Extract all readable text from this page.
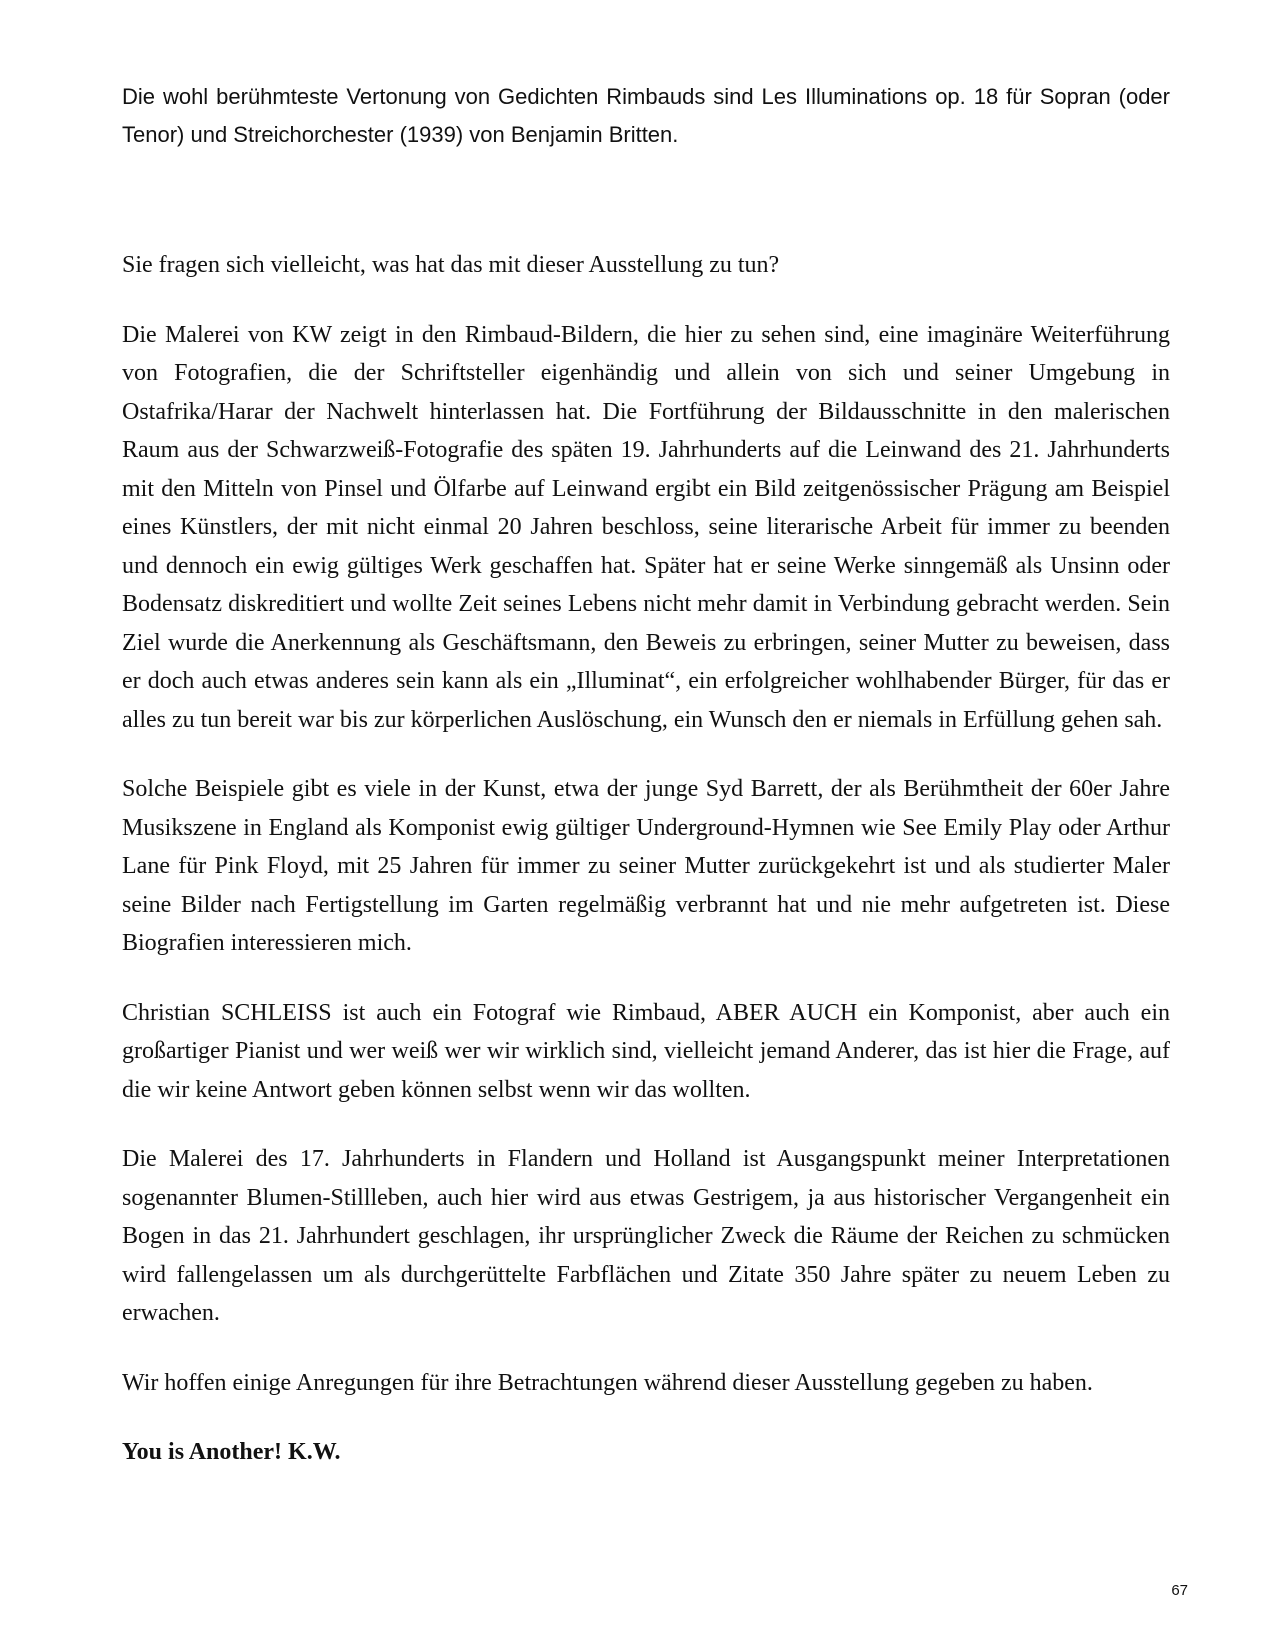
Die wohl berühmteste Vertonung von Gedichten Rimbauds sind Les Illuminations op. 18 für Sopran (oder Tenor) und Streichorchester (1939) von Benjamin Britten.

Sie fragen sich vielleicht, was hat das mit dieser Ausstellung zu tun?

Die Malerei von KW zeigt in den Rimbaud-Bildern, die hier zu sehen sind, eine imaginäre Weiterführung von Fotografien, die der Schriftsteller eigenhändig und allein von sich und seiner Umgebung in Ostafrika/Harar der Nachwelt hinterlassen hat. Die Fortführung der Bildausschnitte in den malerischen Raum aus der Schwarzweiß-Fotografie des späten 19. Jahrhunderts auf die Leinwand des 21. Jahrhunderts mit den Mitteln von Pinsel und Ölfarbe auf Leinwand ergibt ein Bild zeitgenössischer Prägung am Beispiel eines Künstlers, der mit nicht einmal 20 Jahren beschloss, seine literarische Arbeit für immer zu beenden und dennoch ein ewig gültiges Werk geschaffen hat. Später hat er seine Werke sinngemäß als Unsinn oder Bodensatz diskreditiert und wollte Zeit seines Lebens nicht mehr damit in Verbindung gebracht werden. Sein Ziel wurde die Anerkennung als Geschäftsmann, den Beweis zu erbringen, seiner Mutter zu beweisen, dass er doch auch etwas anderes sein kann als ein „Illuminat“, ein erfolgreicher wohlhabender Bürger, für das er alles zu tun bereit war bis zur körperlichen Auslöschung, ein Wunsch den er niemals in Erfüllung gehen sah.

Solche Beispiele gibt es viele in der Kunst, etwa der junge Syd Barrett, der als Berühmtheit der 60er Jahre Musikszene in England als Komponist ewig gültiger Underground-Hymnen wie See Emily Play oder Arthur Lane für Pink Floyd, mit 25 Jahren für immer zu seiner Mutter zurückgekehrt ist und als studierter Maler seine Bilder nach Fertigstellung im Garten regelmäßig verbrannt hat und nie mehr aufgetreten ist. Diese Biografien interessieren mich.

Christian SCHLEISS ist auch ein Fotograf wie Rimbaud, ABER AUCH ein Komponist, aber auch ein großartiger Pianist und wer weiß wer wir wirklich sind, vielleicht jemand Anderer, das ist hier die Frage, auf die wir keine Antwort geben können selbst wenn wir das wollten.

Die Malerei des 17. Jahrhunderts in Flandern und Holland ist Ausgangspunkt meiner Interpretationen sogenannter Blumen-Stillleben, auch hier wird aus etwas Gestrigem, ja aus historischer Vergangenheit ein Bogen in das 21. Jahrhundert geschlagen, ihr ursprünglicher Zweck die Räume der Reichen zu schmücken wird fallengelassen um als durchgerüttelte Farbflächen und Zitate 350 Jahre später zu neuem Leben zu erwachen.

Wir hoffen einige Anregungen für ihre Betrachtungen während dieser Ausstellung gegeben zu haben.

You is Another! K.W.

67
